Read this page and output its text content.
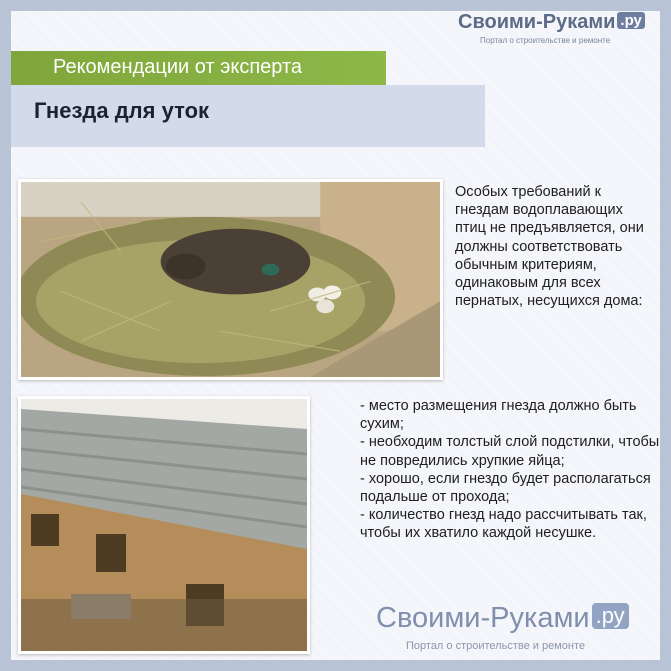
Своими-Руками .ру
Портал о строительстве и ремонте
Рекомендации от эксперта
Гнезда для уток
Особых требований к гнездам водоплавающих птиц не предъявляется, они должны соответствовать обычным критериям, одинаковым для всех пернатых, несущихся дома:
- место размещения гнезда должно быть сухим;
- необходим толстый слой подстилки, чтобы не повредились хрупкие яйца;
- хорошо, если гнездо будет располагаться подальше от прохода;
- количество гнезд надо рассчитывать так, чтобы их хватило каждой несушке.
Своими-Руками .ру
Портал о строительстве и ремонте
